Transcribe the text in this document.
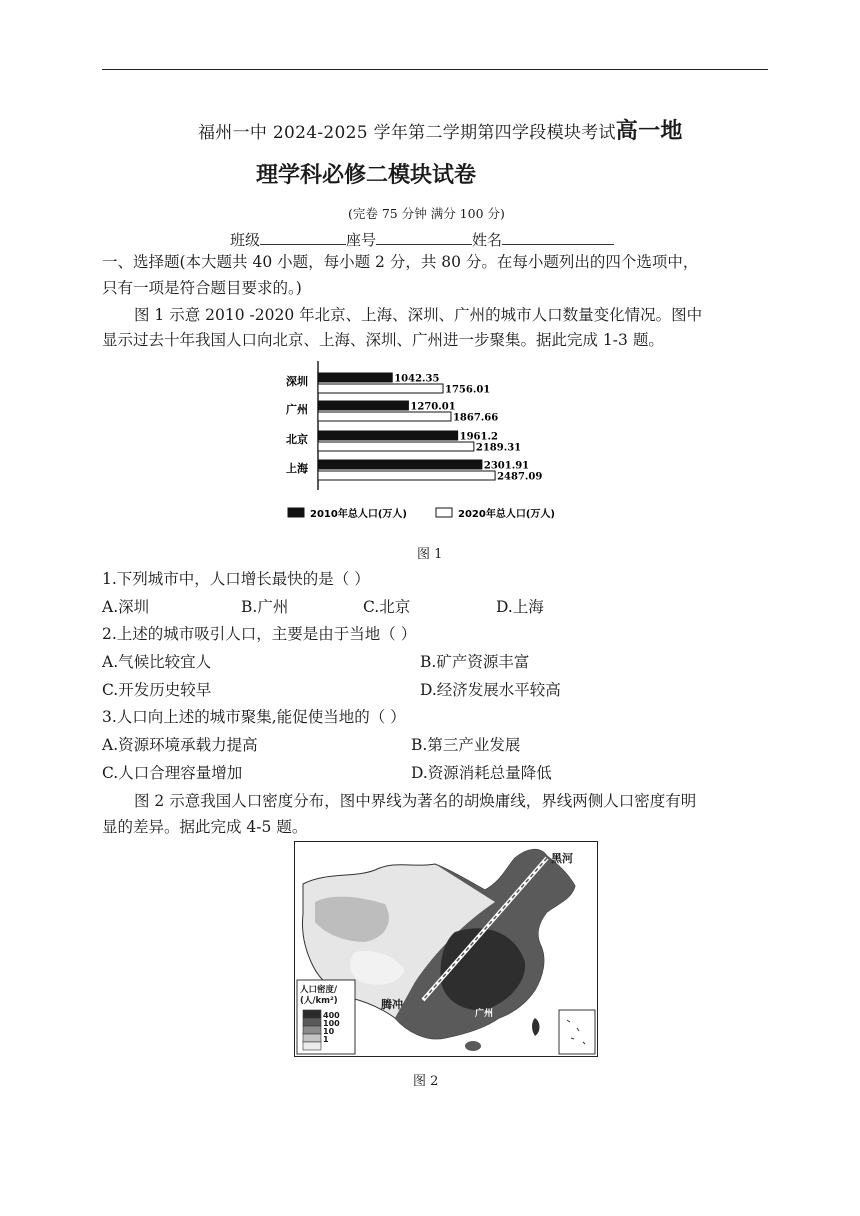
福州一中 2024-2025 学年第二学期第四学段模块考试高一地
理学科必修二模块试卷
(完卷 75 分钟 满分 100 分)
班级	座号	姓名
一、选择题(本大题共 40 小题，每小题 2 分，共 80 分。在每小题列出的四个选项中，
只有一项是符合题目要求的。)
图 1 示意 2010 -2020 年北京、上海、深圳、广州的城市人口数量变化情况。图中
显示过去十年我国人口向北京、上海、深圳、广州进一步聚集。据此完成 1-3 题。
深圳	1042.35
1756.01
广州	1270.01
1867.66
北京	1961.2
2189.31
上海	2301.91
2487.09
2010年总人口(万人)	2020年总人口(万人)
图 1
1.下列城市中，人口增长最快的是（ ）
A.深圳	B.广州	C.北京	D.上海
2.上述的城市吸引人口，主要是由于当地（ ）
A.气候比较宜人	B.矿产资源丰富
C.开发历史较早	D.经济发展水平较高
3.人口向上述的城市聚集,能促使当地的（ ）
A.资源环境承载力提高	B.第三产业发展
C.人口合理容量增加	D.资源消耗总量降低
图 2 示意我国人口密度分布，图中界线为著名的胡焕庸线，界线两侧人口密度有明
显的差异。据此完成 4-5 题。
黑河
腾冲
广州
人口密度/
(人/km²)
400
100
10
1
图 2
